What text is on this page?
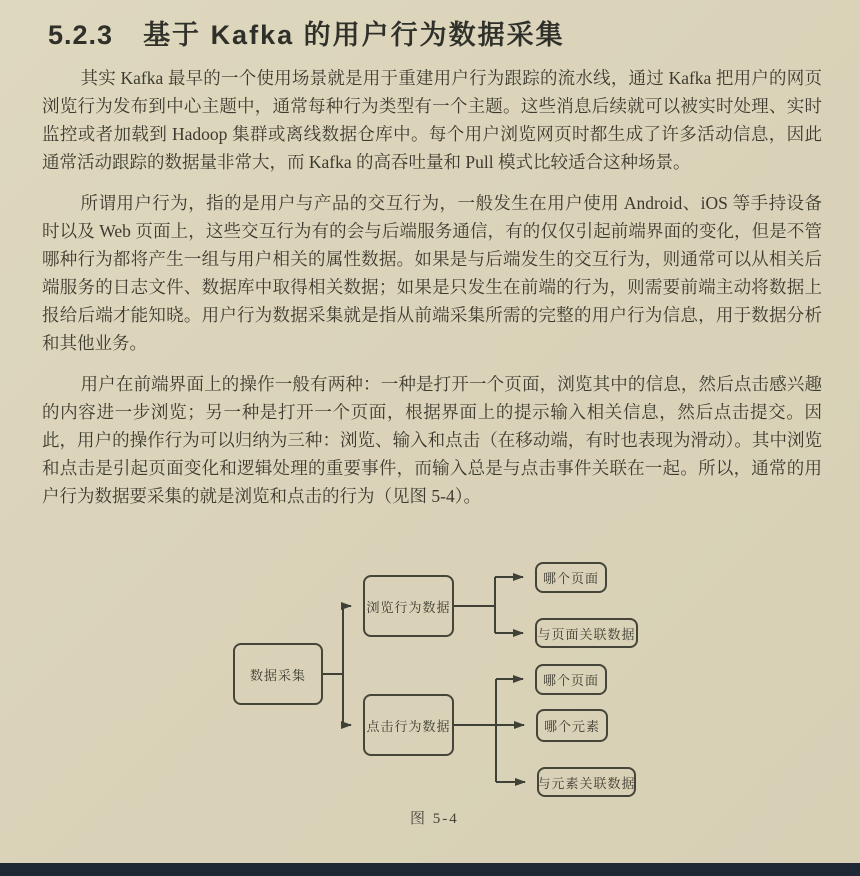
5.2.3 基于 Kafka 的用户行为数据采集

其实 Kafka 最早的一个使用场景就是用于重建用户行为跟踪的流水线，通过 Kafka 把用户的网页浏览行为发布到中心主题中，通常每种行为类型有一个主题。这些消息后续就可以被实时处理、实时监控或者加载到 Hadoop 集群或离线数据仓库中。每个用户浏览网页时都生成了许多活动信息，因此通常活动跟踪的数据量非常大，而 Kafka 的高吞吐量和 Pull 模式比较适合这种场景。

所谓用户行为，指的是用户与产品的交互行为，一般发生在用户使用 Android、iOS 等手持设备时以及 Web 页面上，这些交互行为有的会与后端服务通信，有的仅仅引起前端界面的变化，但是不管哪种行为都将产生一组与用户相关的属性数据。如果是与后端发生的交互行为，则通常可以从相关后端服务的日志文件、数据库中取得相关数据；如果是只发生在前端的行为，则需要前端主动将数据上报给后端才能知晓。用户行为数据采集就是指从前端采集所需的完整的用户行为信息，用于数据分析和其他业务。

用户在前端界面上的操作一般有两种：一种是打开一个页面，浏览其中的信息，然后点击感兴趣的内容进一步浏览；另一种是打开一个页面，根据界面上的提示输入相关信息，然后点击提交。因此，用户的操作行为可以归纳为三种：浏览、输入和点击（在移动端，有时也表现为滑动）。其中浏览和点击是引起页面变化和逻辑处理的重要事件，而输入总是与点击事件关联在一起。所以，通常的用户行为数据要采集的就是浏览和点击的行为（见图 5-4）。

数据采集
浏览行为数据
点击行为数据
哪个页面
与页面关联数据
哪个页面
哪个元素
与元素关联数据
图 5-4
